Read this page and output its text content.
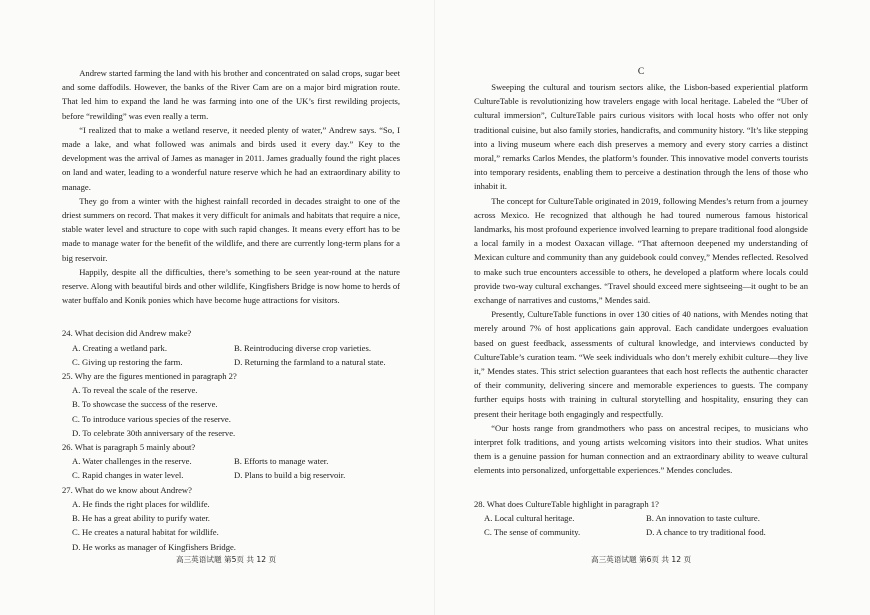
Andrew started farming the land with his brother and concentrated on salad crops, sugar beet and some daffodils. However, the banks of the River Cam are on a major bird migration route. That led him to expand the land he was farming into one of the UK’s first rewilding projects, before “rewilding” was even really a term.

“I realized that to make a wetland reserve, it needed plenty of water,” Andrew says. “So, I made a lake, and what followed was animals and birds used it every day.” Key to the development was the arrival of James as manager in 2011. James gradually found the right places on land and water, leading to a wonderful nature reserve which he had an extraordinary ability to manage.

They go from a winter with the highest rainfall recorded in decades straight to one of the driest summers on record. That makes it very difficult for animals and habitats that require a nice, stable water level and structure to cope with such rapid changes. It means every effort has to be made to manage water for the benefit of the wildlife, and there are currently long-term plans for a big reservoir.

Happily, despite all the difficulties, there’s something to be seen year-round at the nature reserve. Along with beautiful birds and other wildlife, Kingfishers Bridge is now home to herds of water buffalo and Konik ponies which have become huge attractions for visitors.

24. What decision did Andrew make?
A. Creating a wetland park.	B. Reintroducing diverse crop varieties.
C. Giving up restoring the farm.	D. Returning the farmland to a natural state.
25. Why are the figures mentioned in paragraph 2?
A. To reveal the scale of the reserve.
B. To showcase the success of the reserve.
C. To introduce various species of the reserve.
D. To celebrate 30th anniversary of the reserve.
26. What is paragraph 5 mainly about?
A. Water challenges in the reserve.	B. Efforts to manage water.
C. Rapid changes in water level.	D. Plans to build a big reservoir.
27. What do we know about Andrew?
A. He finds the right places for wildlife.
B. He has a great ability to purify water.
C. He creates a natural habitat for wildlife.
D. He works as manager of Kingfishers Bridge.
C

Sweeping the cultural and tourism sectors alike, the Lisbon-based experiential platform CultureTable is revolutionizing how travelers engage with local heritage. Labeled the “Uber of cultural immersion”, CultureTable pairs curious visitors with local hosts who offer not only traditional cuisine, but also family stories, handicrafts, and community history. “It’s like stepping into a living museum where each dish preserves a memory and every story carries a distinct moral,” remarks Carlos Mendes, the platform’s founder. This innovative model converts tourists into temporary residents, enabling them to perceive a destination through the lens of those who inhabit it.

The concept for CultureTable originated in 2019, following Mendes’s return from a journey across Mexico. He recognized that although he had toured numerous famous historical landmarks, his most profound experience involved learning to prepare traditional food alongside a local family in a modest Oaxacan village. “That afternoon deepened my understanding of Mexican culture and community than any guidebook could convey,” Mendes reflected. Resolved to make such true encounters accessible to others, he developed a platform where locals could provide two-way cultural exchanges. “Travel should exceed mere sightseeing—it ought to be an exchange of narratives and customs,” Mendes said.

Presently, CultureTable functions in over 130 cities of 40 nations, with Mendes noting that merely around 7% of host applications gain approval. Each candidate undergoes evaluation based on guest feedback, assessments of cultural knowledge, and interviews conducted by CultureTable’s curation team. “We seek individuals who don’t merely exhibit culture—they live it,” Mendes states. This strict selection guarantees that each host reflects the authentic character of their community, delivering sincere and memorable experiences to guests. The company further equips hosts with training in cultural storytelling and hospitality, ensuring they can present their heritage both engagingly and respectfully.

“Our hosts range from grandmothers who pass on ancestral recipes, to musicians who interpret folk traditions, and young artists welcoming visitors into their studios. What unites them is a genuine passion for human connection and an extraordinary ability to weave cultural elements into personalized, unforgettable experiences.” Mendes concludes.

28. What does CultureTable highlight in paragraph 1?
A. Local cultural heritage.	B. An innovation to taste culture.
C. The sense of community.	D. A chance to try traditional food.
高三英语试题 第5页 共 12 页	高三英语试题 第6页 共 12 页
